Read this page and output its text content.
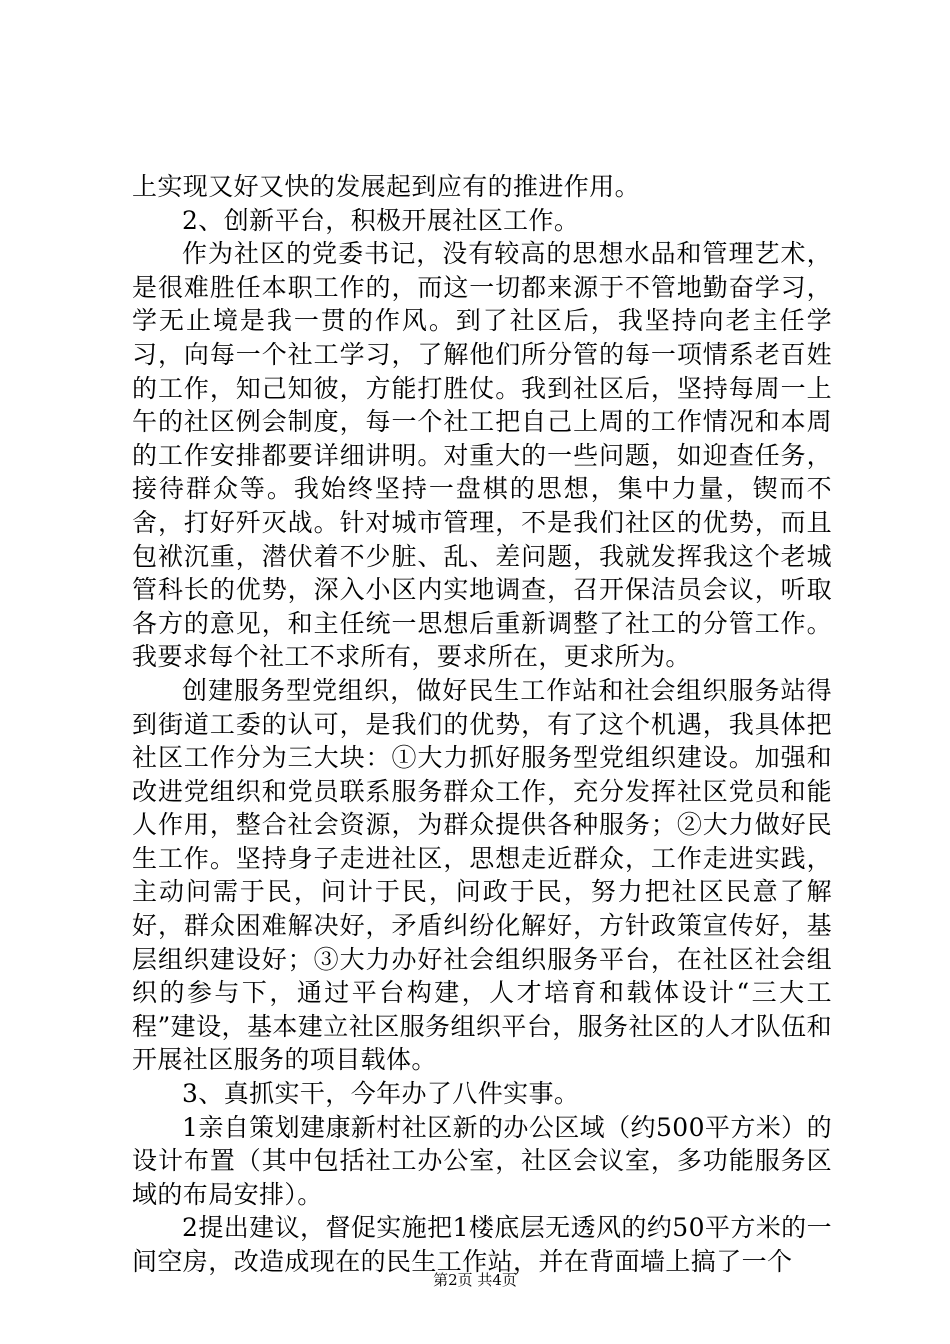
上实现又好又快的发展起到应有的推进作用。

2、创新平台，积极开展社区工作。

作为社区的党委书记，没有较高的思想水品和管理艺术，是很难胜任本职工作的，而这一切都来源于不管地勤奋学习，学无止境是我一贯的作风。到了社区后，我坚持向老主任学习，向每一个社工学习，了解他们所分管的每一项情系老百姓的工作，知己知彼，方能打胜仗。我到社区后，坚持每周一上午的社区例会制度，每一个社工把自己上周的工作情况和本周的工作安排都要详细讲明。对重大的一些问题，如迎查任务，接待群众等。我始终坚持一盘棋的思想，集中力量，锲而不舍，打好歼灭战。针对城市管理，不是我们社区的优势，而且包袱沉重，潜伏着不少脏、乱、差问题，我就发挥我这个老城管科长的优势，深入小区内实地调查，召开保洁员会议，听取各方的意见，和主任统一思想后重新调整了社工的分管工作。我要求每个社工不求所有，要求所在，更求所为。

创建服务型党组织，做好民生工作站和社会组织服务站得到街道工委的认可，是我们的优势，有了这个机遇，我具体把社区工作分为三大块：①大力抓好服务型党组织建设。加强和改进党组织和党员联系服务群众工作，充分发挥社区党员和能人作用，整合社会资源，为群众提供各种服务；②大力做好民生工作。坚持身子走进社区，思想走近群众，工作走进实践，主动问需于民，问计于民，问政于民，努力把社区民意了解好，群众困难解决好，矛盾纠纷化解好，方针政策宣传好，基层组织建设好；③大力办好社会组织服务平台，在社区社会组织的参与下，通过平台构建，人才培育和载体设计“三大工程”建设，基本建立社区服务组织平台，服务社区的人才队伍和开展社区服务的项目载体。

3、真抓实干，今年办了八件实事。

1亲自策划建康新村社区新的办公区域（约500平方米）的设计布置（其中包括社工办公室，社区会议室，多功能服务区域的布局安排）。

2提出建议，督促实施把1楼底层无透风的约50平方米的一间空房，改造成现在的民生工作站，并在背面墙上搞了一个

第2页 共4页
